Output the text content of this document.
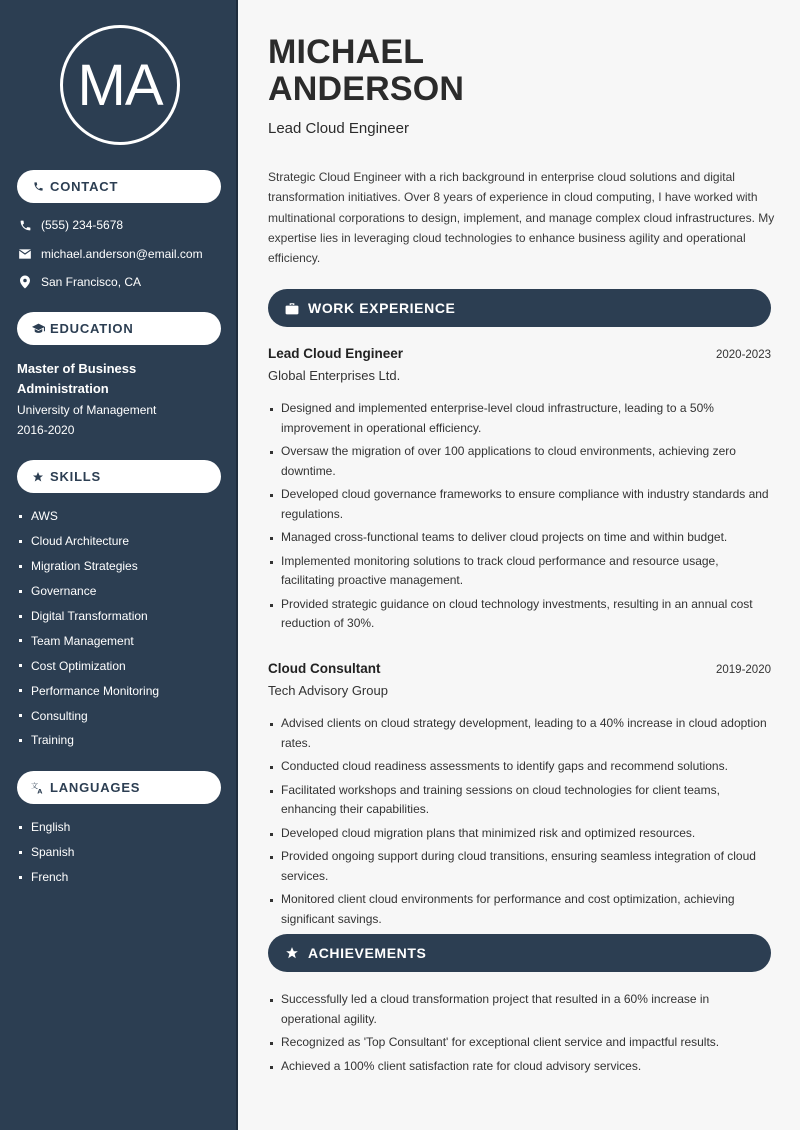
MA
CONTACT
(555) 234-5678
michael.anderson@email.com
San Francisco, CA
EDUCATION
Master of Business Administration
University of Management
2016-2020
SKILLS
AWS
Cloud Architecture
Migration Strategies
Governance
Digital Transformation
Team Management
Cost Optimization
Performance Monitoring
Consulting
Training
文
A LANGUAGES
English
Spanish
French
MICHAEL
ANDERSON
Lead Cloud Engineer

Strategic Cloud Engineer with a rich background in enterprise cloud solutions and digital transformation initiatives. Over 8 years of experience in cloud computing, I have worked with multinational corporations to design, implement, and manage complex cloud infrastructures. My expertise lies in leveraging cloud technologies to enhance business agility and operational efficiency.

WORK EXPERIENCE
Lead Cloud Engineer	2020-2023
Global Enterprises Ltd.
Designed and implemented enterprise-level cloud infrastructure, leading to a 50% improvement in operational efficiency.
Oversaw the migration of over 100 applications to cloud environments, achieving zero downtime.
Developed cloud governance frameworks to ensure compliance with industry standards and regulations.
Managed cross-functional teams to deliver cloud projects on time and within budget.
Implemented monitoring solutions to track cloud performance and resource usage, facilitating proactive management.
Provided strategic guidance on cloud technology investments, resulting in an annual cost reduction of 30%.
Cloud Consultant	2019-2020
Tech Advisory Group
Advised clients on cloud strategy development, leading to a 40% increase in cloud adoption rates.
Conducted cloud readiness assessments to identify gaps and recommend solutions.
Facilitated workshops and training sessions on cloud technologies for client teams, enhancing their capabilities.
Developed cloud migration plans that minimized risk and optimized resources.
Provided ongoing support during cloud transitions, ensuring seamless integration of cloud services.
Monitored client cloud environments for performance and cost optimization, achieving significant savings.
ACHIEVEMENTS
Successfully led a cloud transformation project that resulted in a 60% increase in operational agility.
Recognized as 'Top Consultant' for exceptional client service and impactful results.
Achieved a 100% client satisfaction rate for cloud advisory services.
